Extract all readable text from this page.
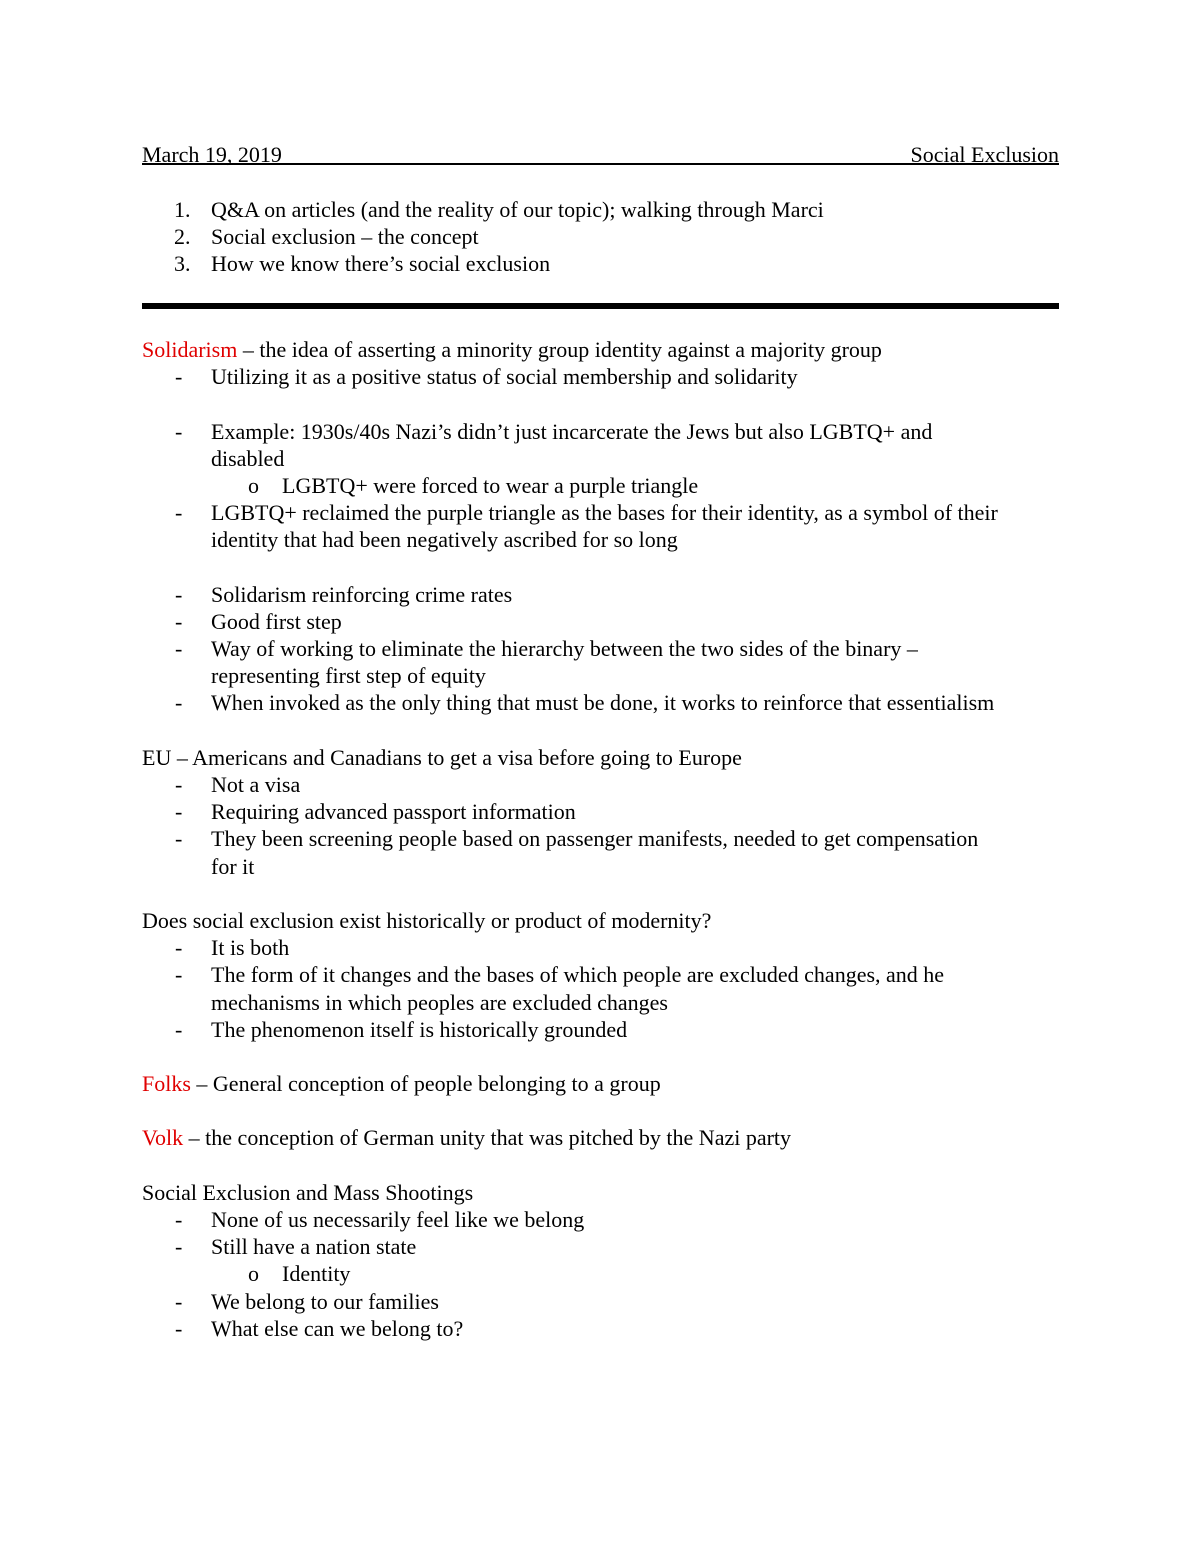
March 19, 2019	Social Exclusion
1. Q&A on articles (and the reality of our topic); walking through Marci
2. Social exclusion – the concept
3. How we know there’s social exclusion
Solidarism – the idea of asserting a minority group identity against a majority group
- Utilizing it as a positive status of social membership and solidarity
- Example: 1930s/40s Nazi’s didn’t just incarcerate the Jews but also LGBTQ+ and
disabled
o LGBTQ+ were forced to wear a purple triangle
- LGBTQ+ reclaimed the purple triangle as the bases for their identity, as a symbol of their
identity that had been negatively ascribed for so long
- Solidarism reinforcing crime rates
- Good first step
- Way of working to eliminate the hierarchy between the two sides of the binary –
representing first step of equity
- When invoked as the only thing that must be done, it works to reinforce that essentialism
EU – Americans and Canadians to get a visa before going to Europe
- Not a visa
- Requiring advanced passport information
- They been screening people based on passenger manifests, needed to get compensation
for it
Does social exclusion exist historically or product of modernity?
- It is both
- The form of it changes and the bases of which people are excluded changes, and he
mechanisms in which peoples are excluded changes
- The phenomenon itself is historically grounded
Folks – General conception of people belonging to a group
Volk – the conception of German unity that was pitched by the Nazi party
Social Exclusion and Mass Shootings
- None of us necessarily feel like we belong
- Still have a nation state
o Identity
- We belong to our families
- What else can we belong to?
